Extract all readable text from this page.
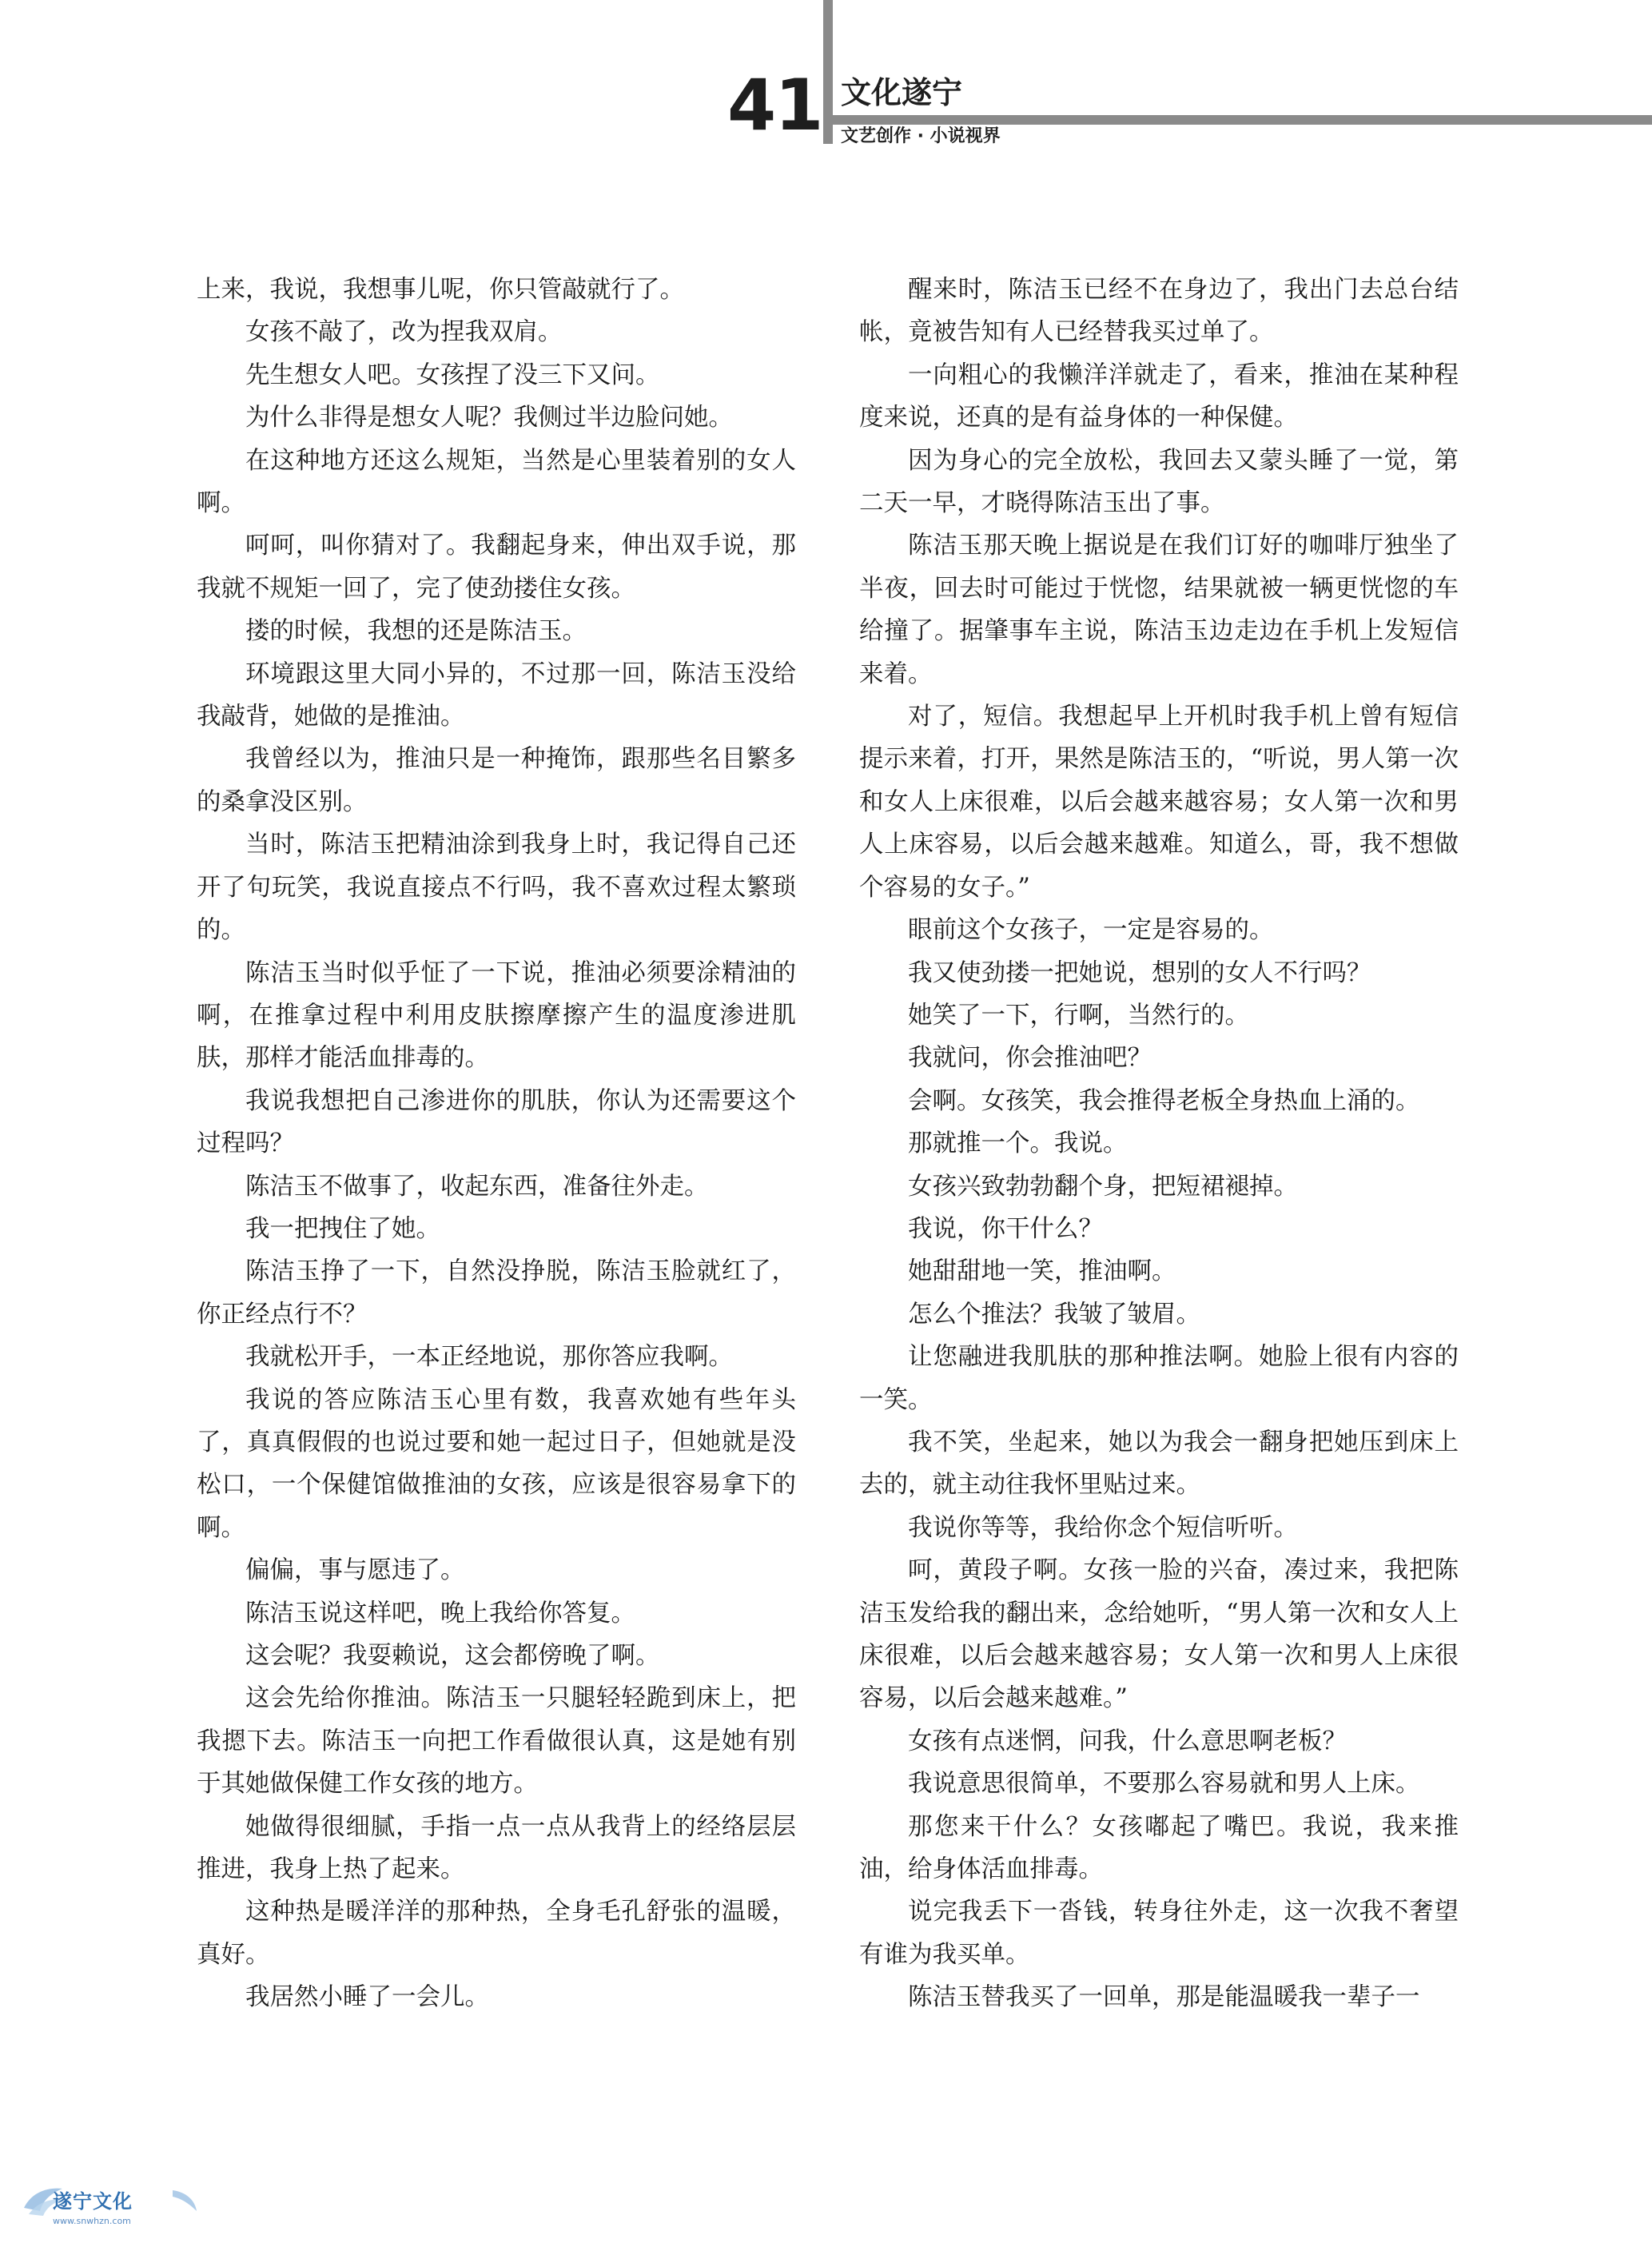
41 文化遂宁
文艺创作 · 小说视界

上来，我说，我想事儿呢，你只管敲就行了。

女孩不敲了，改为捏我双肩。

先生想女人吧。女孩捏了没三下又问。

为什么非得是想女人呢？我侧过半边脸问她。

在这种地方还这么规矩，当然是心里装着别的女人啊。

呵呵，叫你猜对了。我翻起身来，伸出双手说，那我就不规矩一回了，完了使劲搂住女孩。

搂的时候，我想的还是陈洁玉。

环境跟这里大同小异的，不过那一回，陈洁玉没给我敲背，她做的是推油。

我曾经以为，推油只是一种掩饰，跟那些名目繁多的桑拿没区别。

当时，陈洁玉把精油涂到我身上时，我记得自己还开了句玩笑，我说直接点不行吗，我不喜欢过程太繁琐的。

陈洁玉当时似乎怔了一下说，推油必须要涂精油的啊，在推拿过程中利用皮肤擦摩擦产生的温度渗进肌肤，那样才能活血排毒的。

我说我想把自己渗进你的肌肤，你认为还需要这个过程吗？

陈洁玉不做事了，收起东西，准备往外走。

我一把拽住了她。

陈洁玉挣了一下，自然没挣脱，陈洁玉脸就红了，你正经点行不？

我就松开手，一本正经地说，那你答应我啊。

我说的答应陈洁玉心里有数，我喜欢她有些年头了，真真假假的也说过要和她一起过日子，但她就是没松口，一个保健馆做推油的女孩，应该是很容易拿下的啊。

偏偏，事与愿违了。

陈洁玉说这样吧，晚上我给你答复。

这会呢？我耍赖说，这会都傍晚了啊。

这会先给你推油。陈洁玉一只腿轻轻跪到床上，把我摁下去。陈洁玉一向把工作看做很认真，这是她有别于其她做保健工作女孩的地方。

她做得很细腻，手指一点一点从我背上的经络层层推进，我身上热了起来。

这种热是暖洋洋的那种热，全身毛孔舒张的温暖，真好。

我居然小睡了一会儿。

醒来时，陈洁玉已经不在身边了，我出门去总台结帐，竟被告知有人已经替我买过单了。

一向粗心的我懒洋洋就走了，看来，推油在某种程度来说，还真的是有益身体的一种保健。

因为身心的完全放松，我回去又蒙头睡了一觉，第二天一早，才晓得陈洁玉出了事。

陈洁玉那天晚上据说是在我们订好的咖啡厅独坐了半夜，回去时可能过于恍惚，结果就被一辆更恍惚的车给撞了。据肇事车主说，陈洁玉边走边在手机上发短信来着。

对了，短信。我想起早上开机时我手机上曾有短信提示来着，打开，果然是陈洁玉的，“听说，男人第一次和女人上床很难，以后会越来越容易；女人第一次和男人上床容易，以后会越来越难。知道么，哥，我不想做个容易的女子。”

眼前这个女孩子，一定是容易的。

我又使劲搂一把她说，想别的女人不行吗？

她笑了一下，行啊，当然行的。

我就问，你会推油吧？

会啊。女孩笑，我会推得老板全身热血上涌的。

那就推一个。我说。

女孩兴致勃勃翻个身，把短裙褪掉。

我说，你干什么？

她甜甜地一笑，推油啊。

怎么个推法？我皱了皱眉。

让您融进我肌肤的那种推法啊。她脸上很有内容的一笑。

我不笑，坐起来，她以为我会一翻身把她压到床上去的，就主动往我怀里贴过来。

我说你等等，我给你念个短信听听。

呵，黄段子啊。女孩一脸的兴奋，凑过来，我把陈洁玉发给我的翻出来，念给她听，“男人第一次和女人上床很难，以后会越来越容易；女人第一次和男人上床很容易，以后会越来越难。”

女孩有点迷惘，问我，什么意思啊老板？

我说意思很简单，不要那么容易就和男人上床。

那您来干什么？女孩嘟起了嘴巴。我说，我来推油，给身体活血排毒。

说完我丢下一沓钱，转身往外走，这一次我不奢望有谁为我买单。

陈洁玉替我买了一回单，那是能温暖我一辈子一

遂宁文化
www.snwhzn.com
